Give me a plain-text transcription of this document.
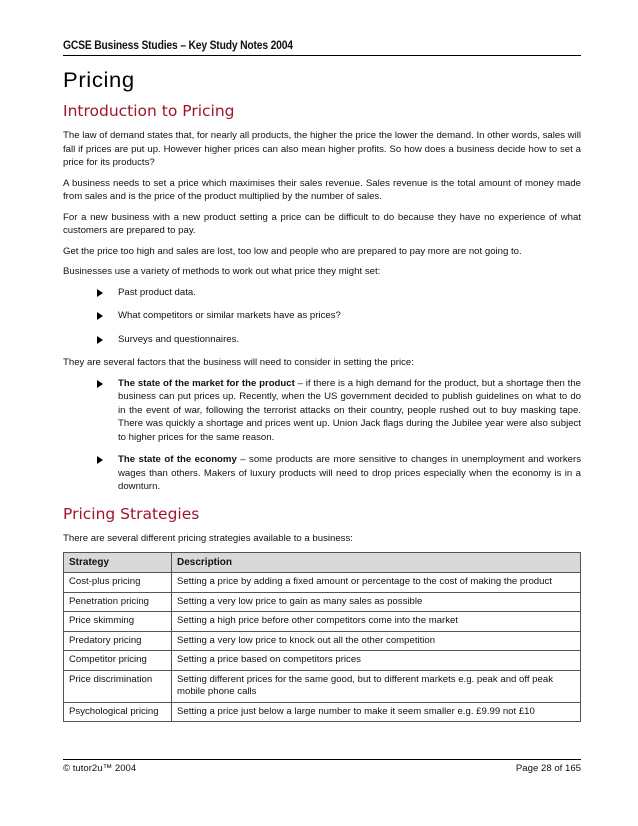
GCSE Business Studies – Key Study Notes 2004
Pricing
Introduction to Pricing

The law of demand states that, for nearly all products, the higher the price the lower the demand. In other words, sales will fall if prices are put up. However higher prices can also mean higher profits. So how does a business decide how to set a price for its products?

A business needs to set a price which maximises their sales revenue. Sales revenue is the total amount of money made from sales and is the price of the product multiplied by the number of sales.

For a new business with a new product setting a price can be difficult to do because they have no experience of what customers are prepared to pay.

Get the price too high and sales are lost, too low and people who are prepared to pay more are not going to.

Businesses use a variety of methods to work out what price they might set:

Past product data.
What competitors or similar markets have as prices?
Surveys and questionnaires.

They are several factors that the business will need to consider in setting the price:

The state of the market for the product – if there is a high demand for the product, but a shortage then the business can put prices up. Recently, when the US government decided to publish guidelines on what to do in the event of war, following the terrorist attacks on their country, people rushed out to buy masking tape. There was quickly a shortage and prices went up. Union Jack flags during the Jubilee year were also subject to higher prices for the same reason.
The state of the economy – some products are more sensitive to changes in unemployment and workers wages than others. Makers of luxury products will need to drop prices especially when the economy is in a downturn.
Pricing Strategies

There are several different pricing strategies available to a business:

Strategy	Description
Cost-plus pricing	Setting a price by adding a fixed amount or percentage to the cost of making the product
Penetration pricing	Setting a very low price to gain as many sales as possible
Price skimming	Setting a high price before other competitors come into the market
Predatory pricing	Setting a very low price to knock out all the other competition
Competitor pricing	Setting a price based on competitors prices
Price discrimination	Setting different prices for the same good, but to different markets e.g. peak and off peak mobile phone calls
Psychological pricing	Setting a price just below a large number to make it seem smaller e.g. £9.99 not £10
© tutor2u™ 2004	Page 28 of 165
